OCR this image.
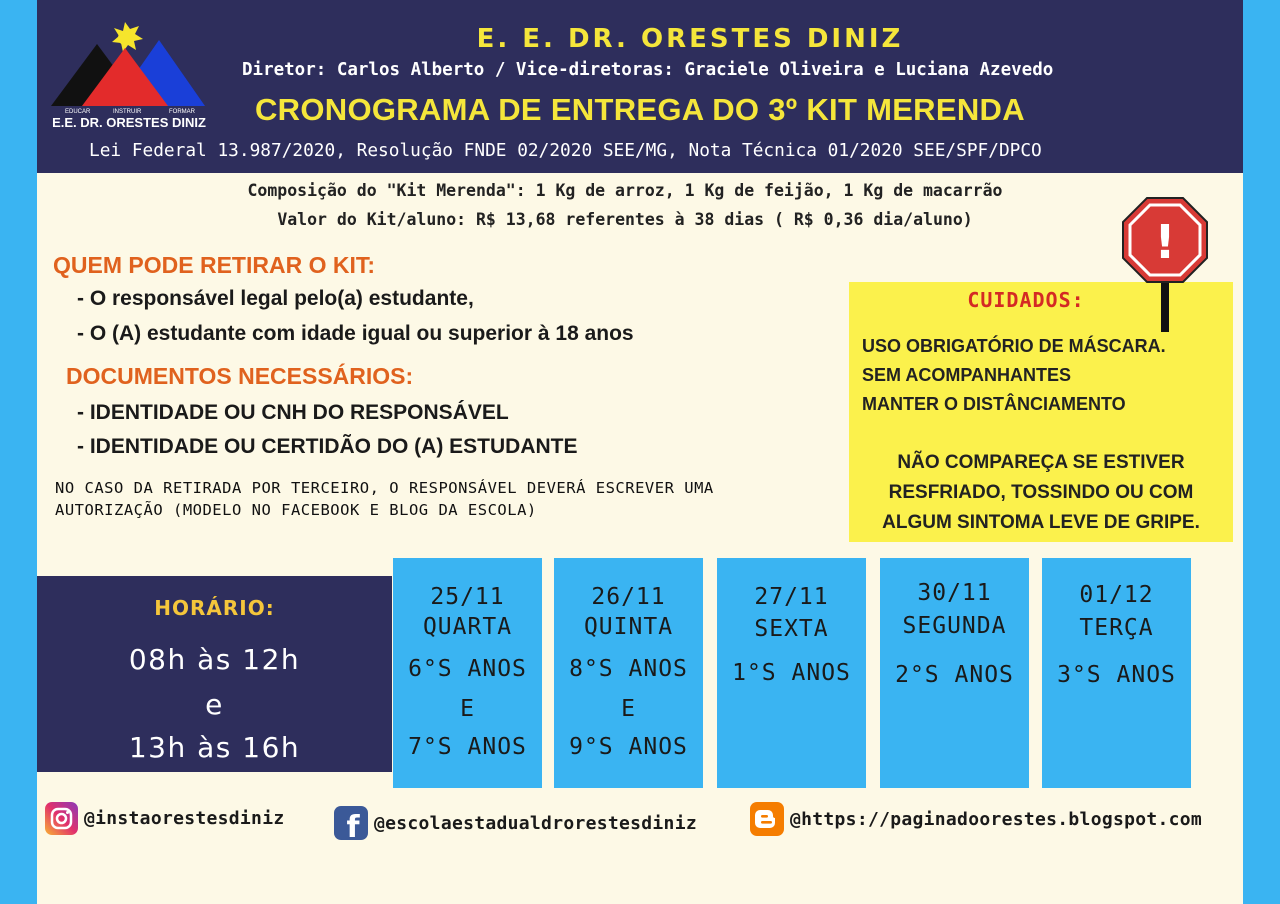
EDUCAR	INSTRUIR	FORMAR
E.E. DR. ORESTES DINIZ
E. E. DR. ORESTES DINIZ
Diretor: Carlos Alberto / Vice-diretoras: Graciele Oliveira e Luciana Azevedo
CRONOGRAMA DE ENTREGA DO 3º KIT MERENDA
Lei Federal 13.987/2020, Resolução FNDE 02/2020 SEE/MG, Nota Técnica 01/2020 SEE/SPF/DPCO
Composição do "Kit Merenda": 1 Kg de arroz, 1 Kg de feijão, 1 Kg de macarrão
Valor do Kit/aluno: R$ 13,68 referentes à 38 dias ( R$ 0,36 dia/aluno)
QUEM PODE RETIRAR O KIT:
- O responsável legal pelo(a) estudante,
- O (A) estudante com idade igual ou superior à 18 anos
DOCUMENTOS NECESSÁRIOS:
- IDENTIDADE OU CNH DO RESPONSÁVEL
- IDENTIDADE OU CERTIDÃO DO (A) ESTUDANTE
NO CASO DA RETIRADA POR TERCEIRO, O RESPONSÁVEL DEVERÁ ESCREVER UMA AUTORIZAÇÃO (MODELO NO FACEBOOK E BLOG DA ESCOLA)
CUIDADOS:
USO OBRIGATÓRIO DE MÁSCARA.
SEM ACOMPANHANTES
MANTER O DISTÂNCIAMENTO
NÃO COMPAREÇA SE ESTIVER
RESFRIADO, TOSSINDO OU COM
ALGUM SINTOMA LEVE DE GRIPE.
!
HORÁRIO:
08h às 12h
e
13h às 16h
25/11
QUARTA
6°S ANOS
E
7°S ANOS
26/11
QUINTA
8°S ANOS
E
9°S ANOS
27/11
SEXTA
1°S ANOS
30/11
SEGUNDA
2°S ANOS
01/12
TERÇA
3°S ANOS
@instaorestesdiniz f @escolaestadualdrorestesdiniz	@https://paginadoorestes.blogspot.com
